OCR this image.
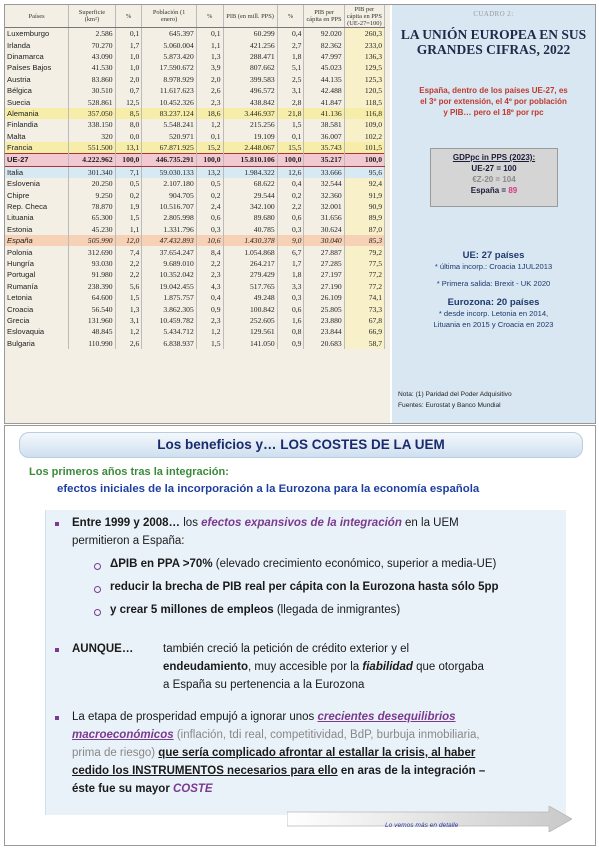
Países	Superficie (km²)	%	Población (1 enero)	%	PIB (en mill. PPS)	%	PIB per cápita en PPS	PIB per cápita en PPS (UE-27=100)
Luxemburgo	2.586	0,1	645.397	0,1	60.299	0,4	92.020	260,3
Irlanda	70.270	1,7	5.060.004	1,1	421.256	2,7	82.362	233,0
Dinamarca	43.090	1,0	5.873.420	1,3	288.471	1,8	47.997	136,3
Países Bajos	41.530	1,0	17.590.672	3,9	807.662	5,1	45.023	129,5
Austria	83.860	2,0	8.978.929	2,0	399.583	2,5	44.135	125,3
Bélgica	30.510	0,7	11.617.623	2,6	496.572	3,1	42.488	120,5
Suecia	528.861	12,5	10.452.326	2,3	438.842	2,8	41.847	118,5
Alemania	357.050	8,5	83.237.124	18,6	3.446.937	21,8	41.136	116,8
Finlandia	338.150	8,0	5.548.241	1,2	215.256	1,5	38.581	109,0
Malta	320	0,0	520.971	0,1	19.109	0,1	36.007	102,2
Francia	551.500	13,1	67.871.925	15,2	2.448.067	15,5	35.743	101,5
UE-27	4.222.962	100,0	446.735.291	100,0	15.810.106	100,0	35.217	100,0
Italia	301.340	7,1	59.030.133	13,2	1.984.322	12,6	33.666	95,6
Eslovenia	20.250	0,5	2.107.180	0,5	68.622	0,4	32.544	92,4
Chipre	9.250	0,2	904.705	0,2	29.544	0,2	32.360	91,9
Rep. Checa	78.870	1,9	10.516.707	2,4	342.100	2,2	32.001	90,9
Lituania	65.300	1,5	2.805.998	0,6	89.680	0,6	31.656	89,9
Estonia	45.230	1,1	1.331.796	0,3	40.785	0,3	30.624	87,0
España	505.990	12,0	47.432.893	10,6	1.430.378	9,0	30.040	85,3
Polonia	312.690	7,4	37.654.247	8,4	1.054.868	6,7	27.887	79,2
Hungría	93.030	2,2	9.689.010	2,2	264.217	1,7	27.285	77,5
Portugal	91.980	2,2	10.352.042	2,3	279.429	1,8	27.197	77,2
Rumanía	238.390	5,6	19.042.455	4,3	517.765	3,3	27.190	77,2
Letonia	64.600	1,5	1.875.757	0,4	49.248	0,3	26.109	74,1
Croacia	56.540	1,3	3.862.305	0,9	100.842	0,6	25.805	73,3
Grecia	131.960	3,1	10.459.782	2,3	252.605	1,6	23.880	67,8
Eslovaquia	48.845	1,2	5.434.712	1,2	129.561	0,8	23.844	66,9
Bulgaria	110.990	2,6	6.838.937	1,5	141.050	0,9	20.683	58,7
CUADRO 2:
LA UNIÓN EUROPEA EN SUS GRANDES CIFRAS, 2022
España, dentro de los países UE-27, es
el 3º por extensión, el 4º por población
y PIB… pero el 18º por rpc
GDPpc in PPS (2023):
UE-27 = 100
€Z-20 = 104
España = 89
UE: 27 países
* última incorp.: Croacia 1JUL2013
* Primera salida: Brexit - UK 2020
Eurozona: 20 países
* desde incorp. Letonia en 2014,
Lituania en 2015 y Croacia en 2023
Nota: (1) Paridad del Poder Adquisitivo
Fuentes: Eurostat y Banco Mundial
Los beneficios y… LOS COSTES DE LA UEM
Los primeros años tras la integración:
efectos iniciales de la incorporación a la Eurozona para la economía española
Entre 1999 y 2008… los efectos expansivos de la integración en la UEM
permitieron a España:
ΔPIB en PPA >70% (elevado crecimiento económico, superior a media-UE)
reducir la brecha de PIB real per cápita con la Eurozona hasta sólo 5pp
y crear 5 millones de empleos (llegada de inmigrantes)
AUNQUE…	también creció la petición de crédito exterior y el
endeudamiento, muy accesible por la fiabilidad que otorgaba
a España su pertenencia a la Eurozona
La etapa de prosperidad empujó a ignorar unos crecientes desequilibrios
macroeconómicos (inflación, tdi real, competitividad, BdP, burbuja inmobiliaria,
prima de riesgo) que sería complicado afrontar al estallar la crisis, al haber
cedido los INSTRUMENTOS necesarios para ello en aras de la integración –
éste fue su mayor COSTE
Lo vemos más en detalle
